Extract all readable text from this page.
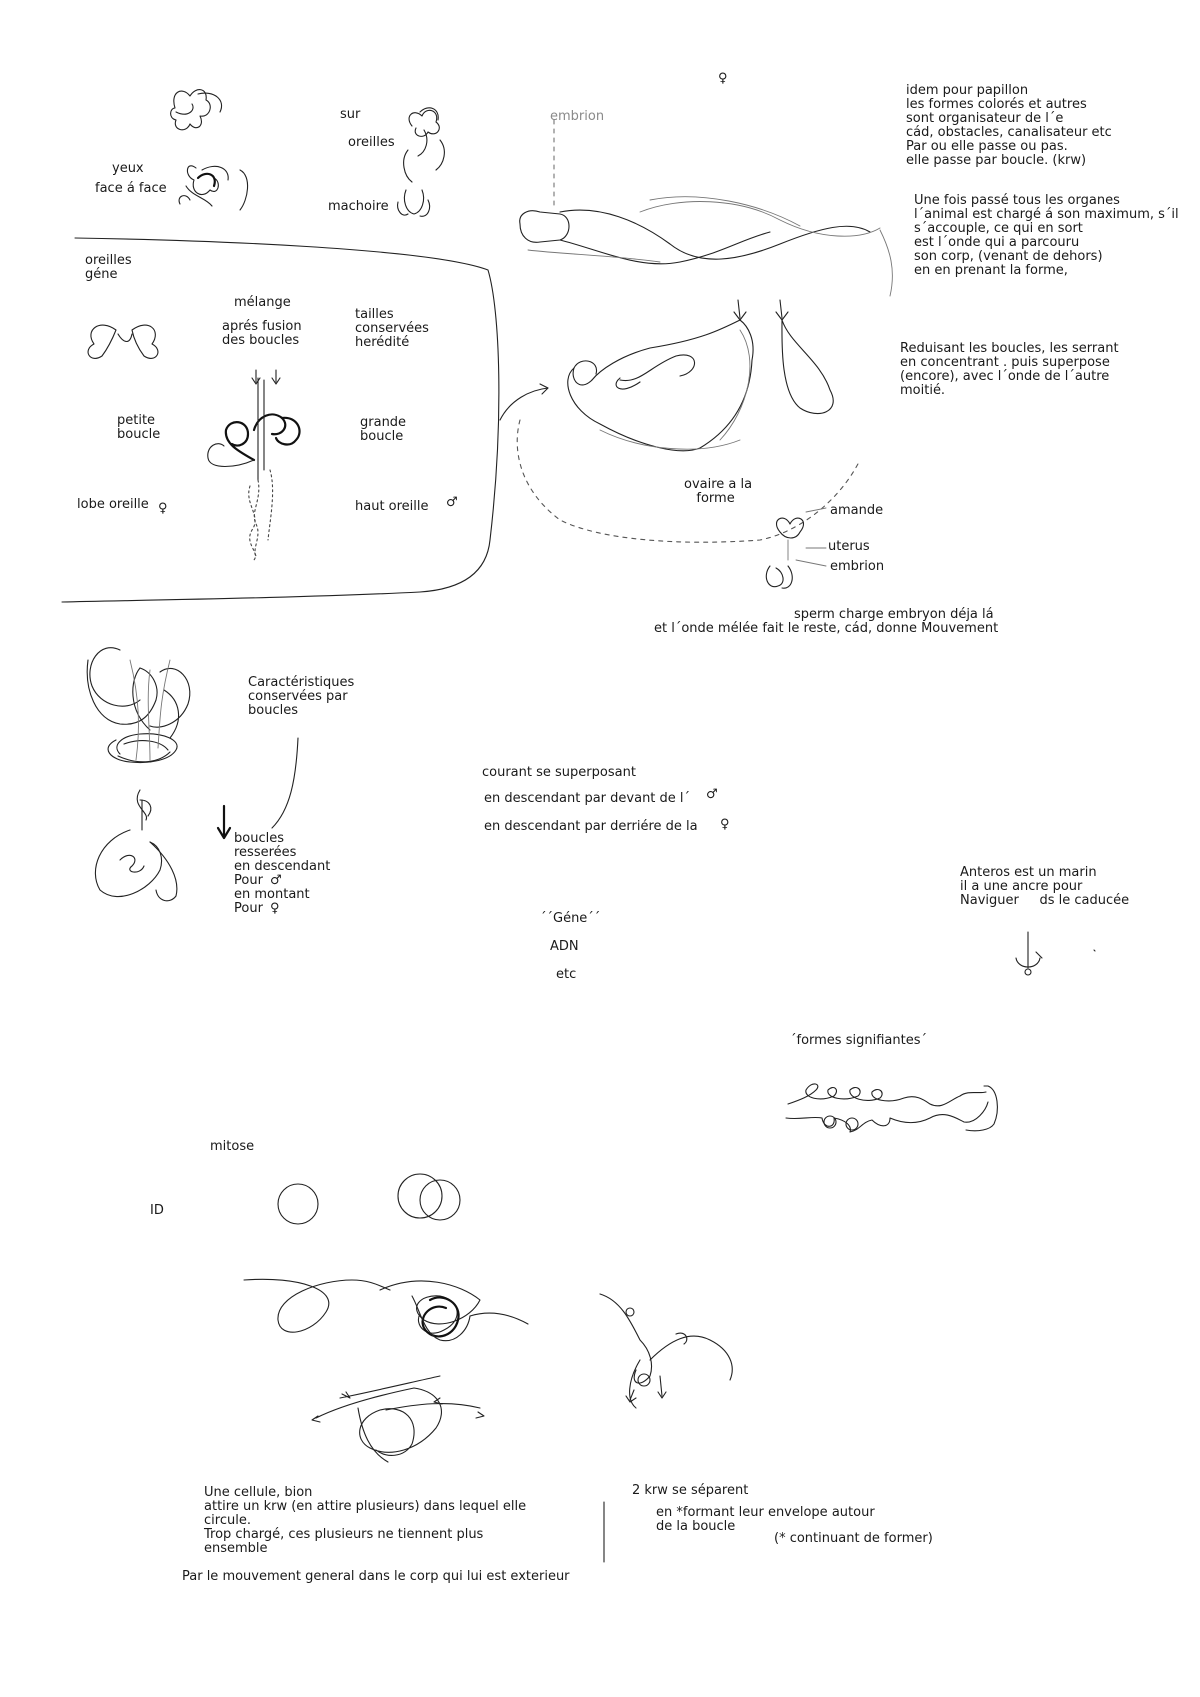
yeux
face á face
sur
oreilles
machoire
embrion
♀
idem pour papillon
les formes colorés et autres
sont organisateur de l´e
cád, obstacles, canalisateur etc
Par ou elle passe ou pas.
elle passe par boucle. (krw)
Une fois passé tous les organes
l´animal est chargé á son maximum, s´il
s´accouple, ce qui en sort
est l´onde qui a parcouru
son corp, (venant de dehors)
en en prenant la forme,
oreilles
géne
mélange
aprés fusion
des boucles
tailles
conservées
herédité	Reduisant les boucles, les serrant
en concentrant . puis superpose
(encore), avec l´onde de l´autre
moitié.
petite
boucle
grande
boucle
lobe oreille ♀	haut oreille ♂
ovaire a la
forme
amande
uterus
embrion
sperm charge embryon déja lá
et l´onde mélée fait le reste, cád, donne Mouvement
Caractéristiques
conservées par
boucles
courant se superposant
en descendant par devant de l´ ♂
en descendant par derriére de la ♀
boucles
resserées
en descendant
Pour
en montant
Pour
♂
♀
Anteros est un marin
il a une ancre pour
Naviguer     ds le caducée
´´Géne´´
ADN
etc
´formes signifiantes´
mitose
ID
Une cellule, bion
attire un krw (en attire plusieurs) dans lequel elle
circule.
Trop chargé, ces plusieurs ne tiennent plus
ensemble
2 krw se séparent
en *formant leur envelope autour
de la boucle
(* continuant de former)
Par le mouvement general dans le corp qui lui est exterieur
